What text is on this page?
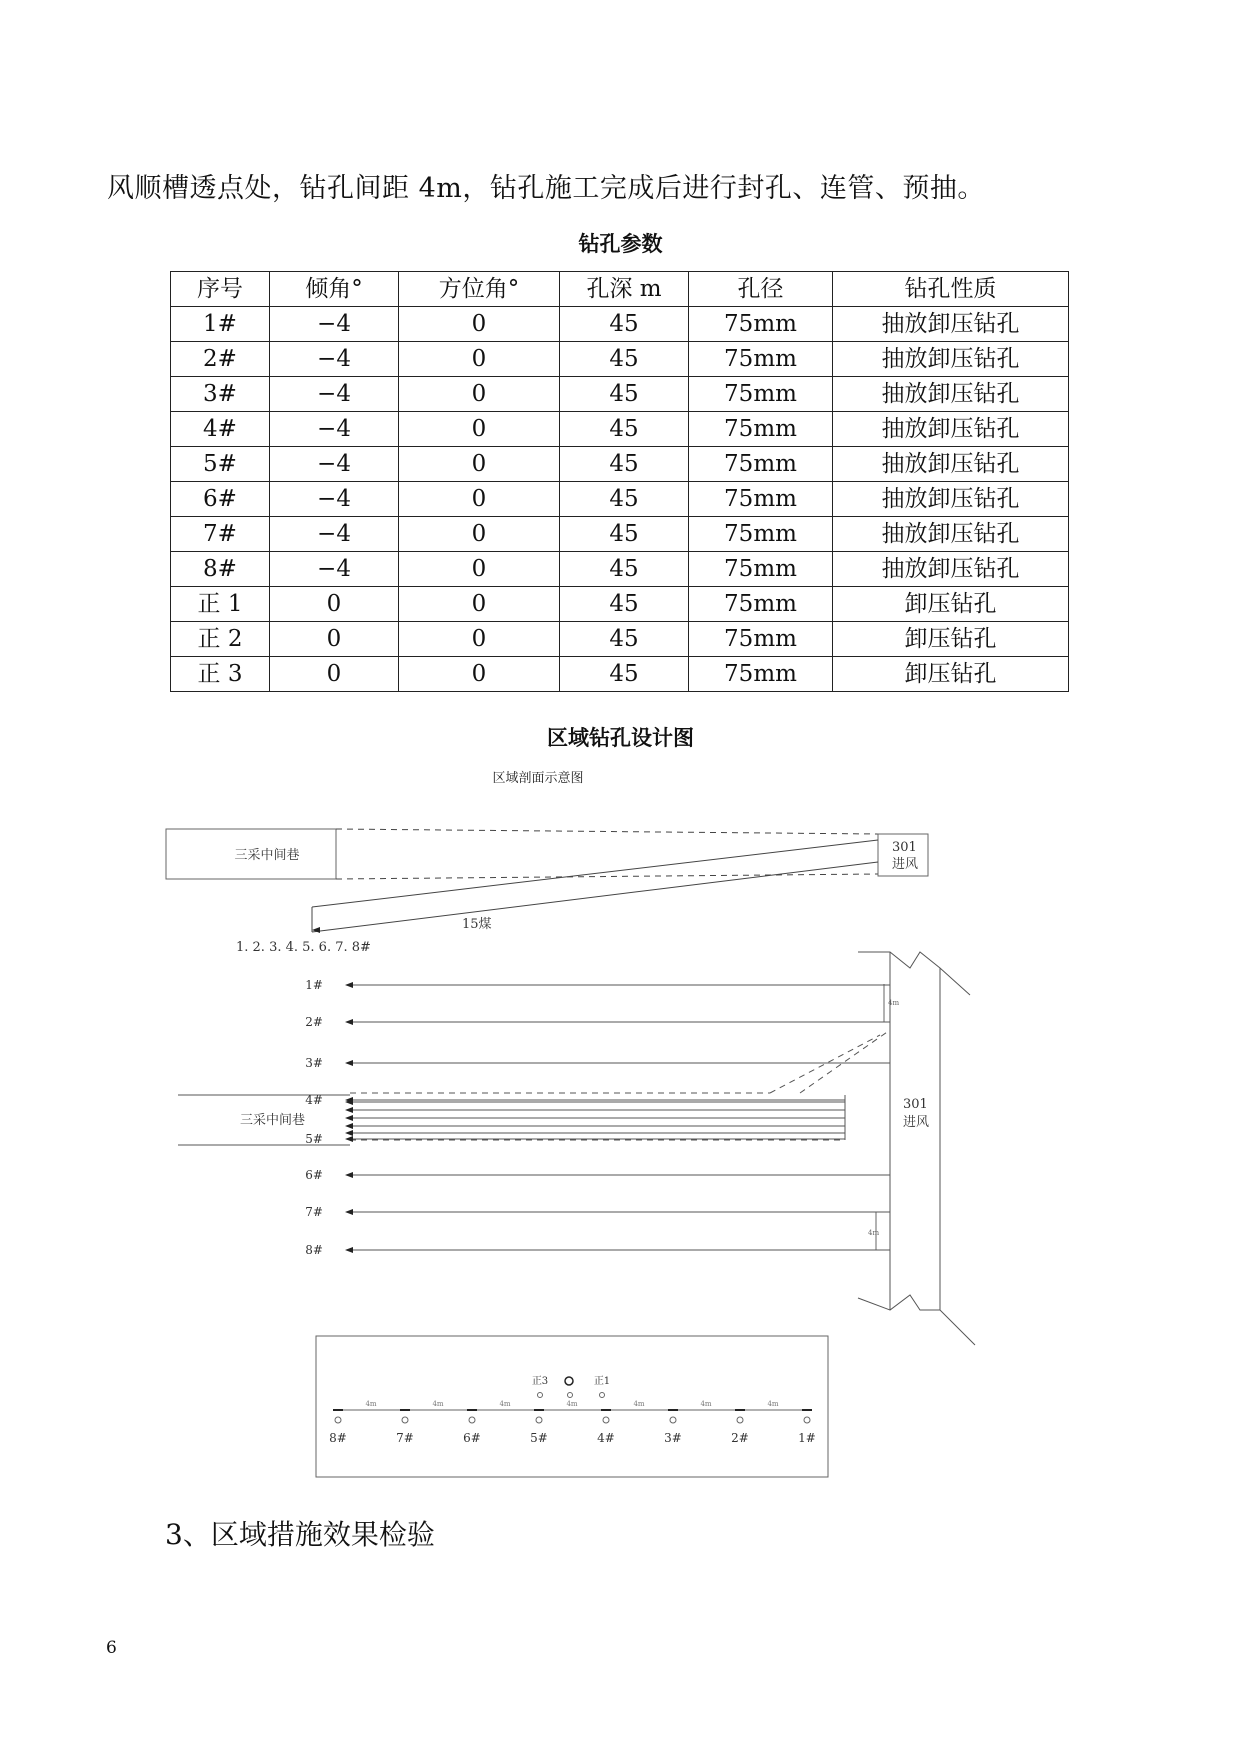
风顺槽透点处，钻孔间距 4m，钻孔施工完成后进行封孔、连管、预抽。
钻孔参数
序号	倾角°	方位角°	孔深 m	孔径	钻孔性质
1#	−4	0	45	75mm	抽放卸压钻孔
2#	−4	0	45	75mm	抽放卸压钻孔
3#	−4	0	45	75mm	抽放卸压钻孔
4#	−4	0	45	75mm	抽放卸压钻孔
5#	−4	0	45	75mm	抽放卸压钻孔
6#	−4	0	45	75mm	抽放卸压钻孔
7#	−4	0	45	75mm	抽放卸压钻孔
8#	−4	0	45	75mm	抽放卸压钻孔
正 1	0	0	45	75mm	卸压钻孔
正 2	0	0	45	75mm	卸压钻孔
正 3	0	0	45	75mm	卸压钻孔
区域钻孔设计图
区域剖面示意图
三采中间巷
301
进风
15煤
1. 2. 3. 4. 5. 6. 7. 8#
三采中间巷
301
进风
4m
4m
1#
2#
3#
4#
5#
6#
7#
8#
正3	正1
8#
4m
7#
4m
6#
4m
5#
4m
4#
4m
3#
4m
2#
4m
1#
3、区域措施效果检验
6
